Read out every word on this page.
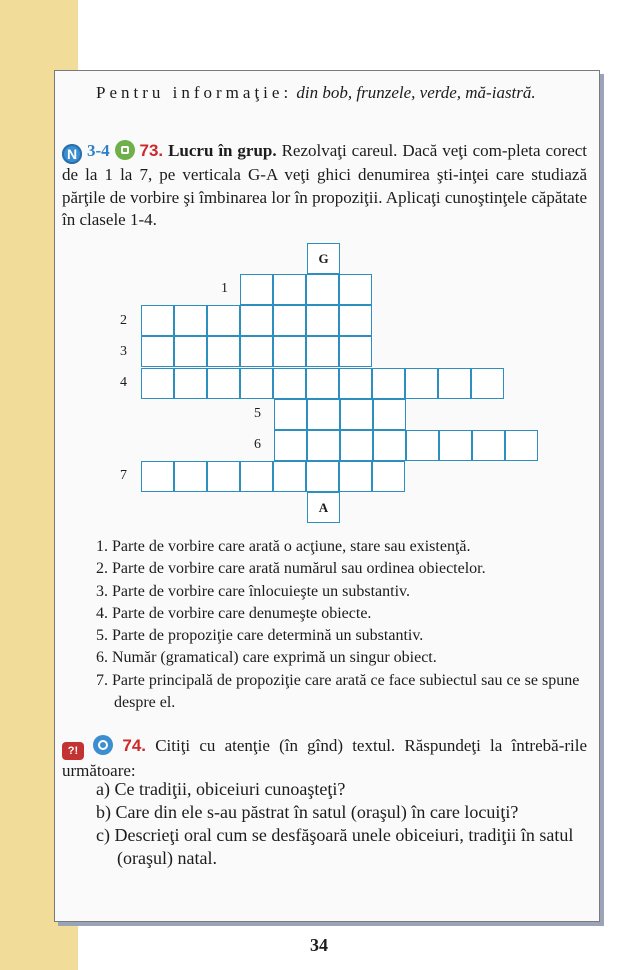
Pentru informaţie: din bob, frunzele, verde, mă-iastră.
N 3-4 73. Lucru în grup. Rezolvaţi careul. Dacă veţi com-pleta corect de la 1 la 7, pe verticala G-A veţi ghici denumirea şti-inţei care studiază părţile de vorbire şi îmbinarea lor în propoziţii. Aplicaţi cunoştinţele căpătate în clasele 1-4.
G
1
2
3
4
5
6
7
A
1. Parte de vorbire care arată o acţiune, stare sau existenţă.
2. Parte de vorbire care arată numărul sau ordinea obiectelor.
3. Parte de vorbire care înlocuieşte un substantiv.
4. Parte de vorbire care denumeşte obiecte.
5. Parte de propoziţie care determină un substantiv.
6. Număr (gramatical) care exprimă un singur obiect.
7. Parte principală de propoziţie care arată ce face subiectul sau ce se spune despre el.
?!	74. Citiţi cu atenţie (în gînd) textul. Răspundeţi la întrebă-rile următoare:
a) Ce tradiţii, obiceiuri cunoaşteţi?
b) Care din ele s-au păstrat în satul (oraşul) în care locuiţi?
c) Descrieţi oral cum se desfăşoară unele obiceiuri, tradiţii în satul (oraşul) natal.
34
